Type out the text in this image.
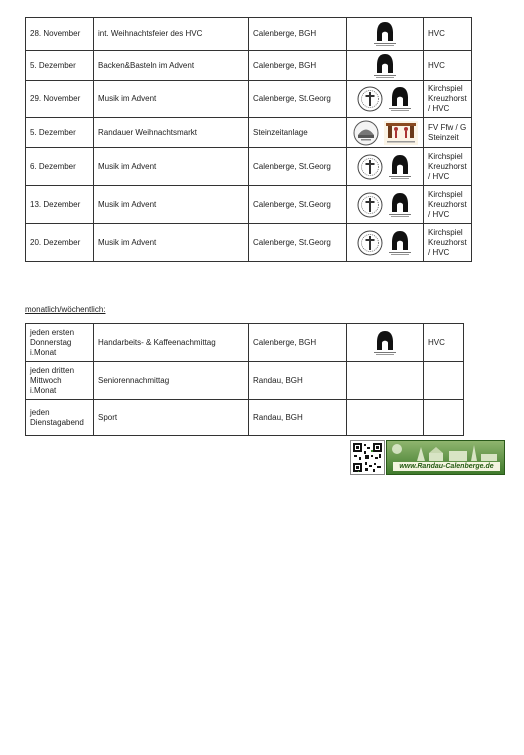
28. November	int. Weihnachtsfeier des HVC	Calenberge, BGH		HVC
5. Dezember	Backen&Basteln im Advent	Calenberge, BGH		HVC
29. November	Musik im Advent	Calenberge, St.Georg		Kirchspiel Kreuzhorst / HVC
5. Dezember	Randauer Weihnachtsmarkt	Steinzeitanlage		FV Ffw / G Steinzeit
6. Dezember	Musik im Advent	Calenberge, St.Georg		Kirchspiel Kreuzhorst / HVC
13. Dezember	Musik im Advent	Calenberge, St.Georg		Kirchspiel Kreuzhorst / HVC
20. Dezember	Musik im Advent	Calenberge, St.Georg		Kirchspiel Kreuzhorst / HVC
monatlich/wöchentlich:
jeden ersten Donnerstag i.Monat	Handarbeits- & Kaffeenachmittag	Calenberge, BGH		HVC
jeden dritten Mittwoch i.Monat	Seniorennachmittag	Randau, BGH	

jeden Dienstagabend	Sport	Randau, BGH	

www.Randau-Calenberge.de
